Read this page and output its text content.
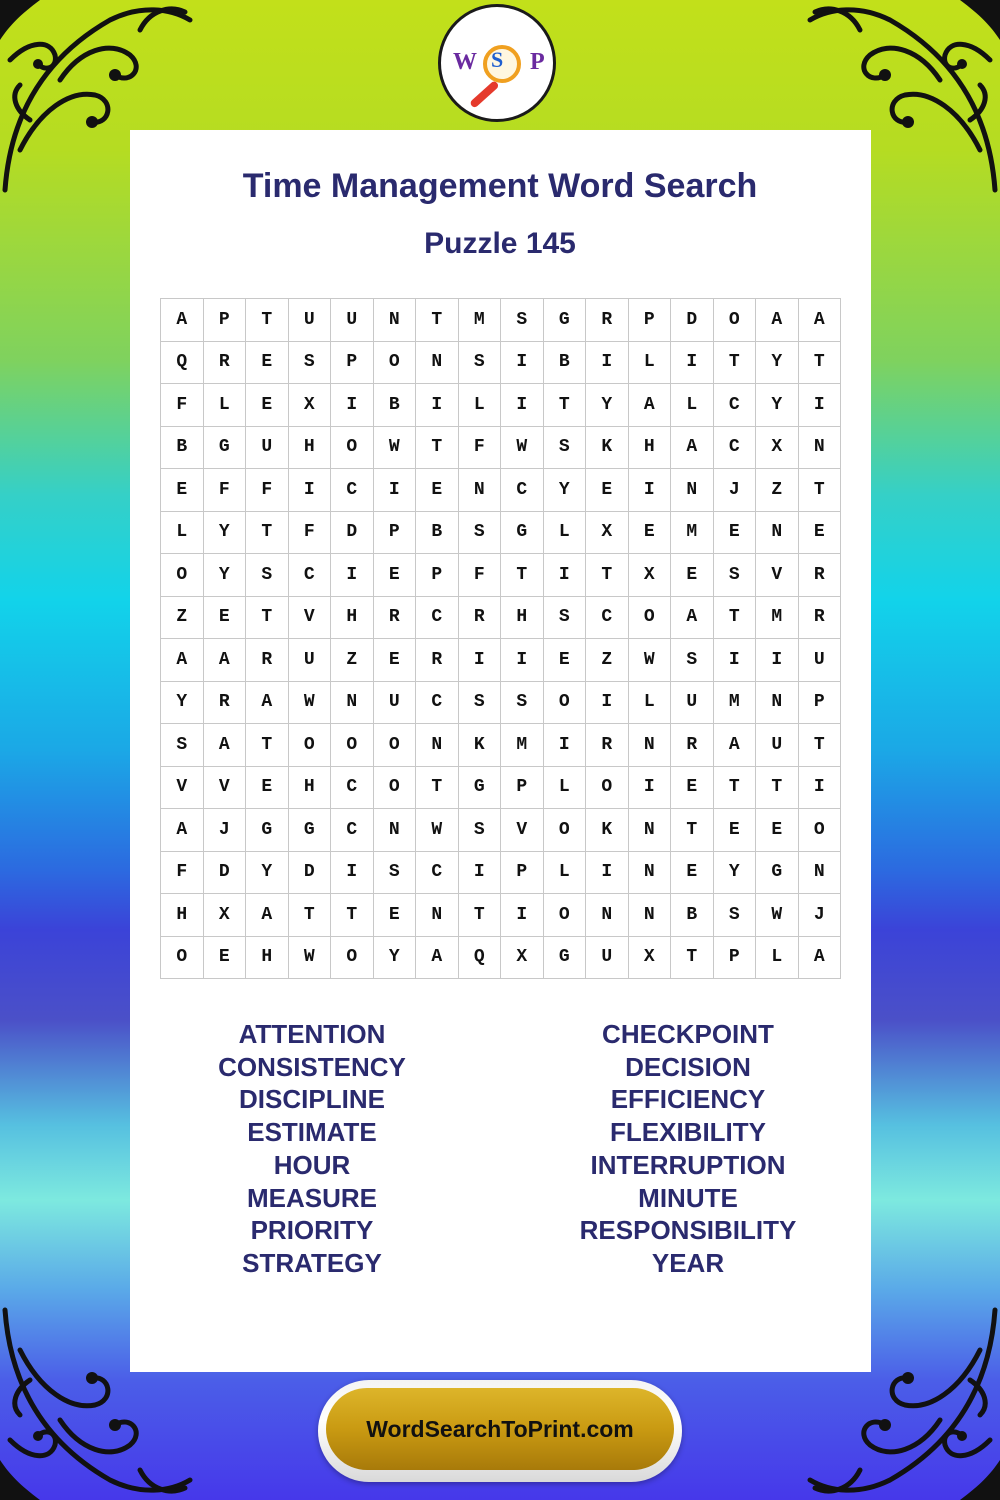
W S P
Time Management Word Search
Puzzle 145
A	P	T	U	U	N	T	M	S	G	R	P	D	O	A	A
Q	R	E	S	P	O	N	S	I	B	I	L	I	T	Y	T
F	L	E	X	I	B	I	L	I	T	Y	A	L	C	Y	I
B	G	U	H	O	W	T	F	W	S	K	H	A	C	X	N
E	F	F	I	C	I	E	N	C	Y	E	I	N	J	Z	T
L	Y	T	F	D	P	B	S	G	L	X	E	M	E	N	E
O	Y	S	C	I	E	P	F	T	I	T	X	E	S	V	R
Z	E	T	V	H	R	C	R	H	S	C	O	A	T	M	R
A	A	R	U	Z	E	R	I	I	E	Z	W	S	I	I	U
Y	R	A	W	N	U	C	S	S	O	I	L	U	M	N	P
S	A	T	O	O	O	N	K	M	I	R	N	R	A	U	T
V	V	E	H	C	O	T	G	P	L	O	I	E	T	T	I
A	J	G	G	C	N	W	S	V	O	K	N	T	E	E	O
F	D	Y	D	I	S	C	I	P	L	I	N	E	Y	G	N
H	X	A	T	T	E	N	T	I	O	N	N	B	S	W	J
O	E	H	W	O	Y	A	Q	X	G	U	X	T	P	L	A
ATTENTION
CONSISTENCY
DISCIPLINE
ESTIMATE
HOUR
MEASURE
PRIORITY
STRATEGY
CHECKPOINT
DECISION
EFFICIENCY
FLEXIBILITY
INTERRUPTION
MINUTE
RESPONSIBILITY
YEAR
WordSearchToPrint.com
